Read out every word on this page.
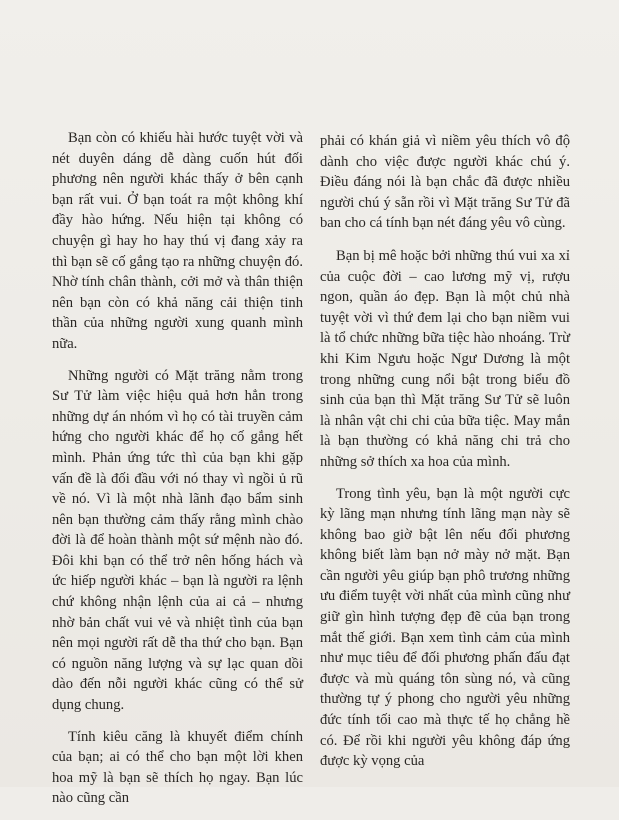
Bạn còn có khiếu hài hước tuyệt vời và nét duyên dáng dễ dàng cuốn hút đối phương nên người khác thấy ở bên cạnh bạn rất vui. Ở bạn toát ra một không khí đầy hào hứng. Nếu hiện tại không có chuyện gì hay ho hay thú vị đang xảy ra thì bạn sẽ cố gắng tạo ra những chuyện đó. Nhờ tính chân thành, cởi mở và thân thiện nên bạn còn có khả năng cải thiện tinh thần của những người xung quanh mình nữa.

Những người có Mặt trăng nằm trong Sư Tử làm việc hiệu quả hơn hẳn trong những dự án nhóm vì họ có tài truyền cảm hứng cho người khác để họ cố gắng hết mình. Phản ứng tức thì của bạn khi gặp vấn đề là đối đầu với nó thay vì ngồi ủ rũ về nó. Vì là một nhà lãnh đạo bẩm sinh nên bạn thường cảm thấy rằng mình chào đời là để hoàn thành một sứ mệnh nào đó. Đôi khi bạn có thể trở nên hống hách và ức hiếp người khác – bạn là người ra lệnh chứ không nhận lệnh của ai cả – nhưng nhờ bản chất vui vẻ và nhiệt tình của bạn nên mọi người rất dễ tha thứ cho bạn. Bạn có nguồn năng lượng và sự lạc quan dồi dào đến nỗi người khác cũng có thể sử dụng chung.

Tính kiêu căng là khuyết điểm chính của bạn; ai có thể cho bạn một lời khen hoa mỹ là bạn sẽ thích họ ngay. Bạn lúc nào cũng cần

phải có khán giả vì niềm yêu thích vô độ dành cho việc được người khác chú ý. Điều đáng nói là bạn chắc đã được nhiều người chú ý sẵn rồi vì Mặt trăng Sư Tử đã ban cho cá tính bạn nét đáng yêu vô cùng.

Bạn bị mê hoặc bởi những thú vui xa xỉ của cuộc đời – cao lương mỹ vị, rượu ngon, quần áo đẹp. Bạn là một chủ nhà tuyệt vời vì thứ đem lại cho bạn niềm vui là tổ chức những bữa tiệc hào nhoáng. Trừ khi Kim Ngưu hoặc Ngư Dương là một trong những cung nổi bật trong biểu đồ sinh của bạn thì Mặt trăng Sư Tử sẽ luôn là nhân vật chi chi của bữa tiệc. May mắn là bạn thường có khả năng chi trả cho những sở thích xa hoa của mình.

Trong tình yêu, bạn là một người cực kỳ lãng mạn nhưng tính lãng mạn này sẽ không bao giờ bật lên nếu đối phương không biết làm bạn nở mày nở mặt. Bạn cần người yêu giúp bạn phô trương những ưu điểm tuyệt vời nhất của mình cũng như giữ gìn hình tượng đẹp đẽ của bạn trong mắt thế giới. Bạn xem tình cảm của mình như mục tiêu để đối phương phấn đấu đạt được và mù quáng tôn sùng nó, và cũng thường tự ý phong cho người yêu những đức tính tối cao mà thực tế họ chẳng hề có. Để rồi khi người yêu không đáp ứng được kỳ vọng của
